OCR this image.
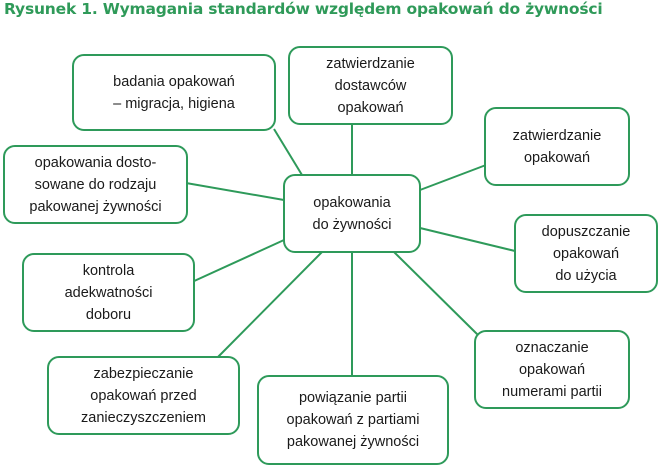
Rysunek 1. Wymagania standardów względem opakowań do żywności
opakowania
do żywności
badania opakowań
– migracja, higiena
zatwierdzanie
dostawców
opakowań
zatwierdzanie
opakowań
opakowania dosto-
sowane do rodzaju
pakowanej żywności
dopuszczanie
opakowań
do użycia
kontrola
adekwatności
doboru
oznaczanie
opakowań
numerami partii
zabezpieczanie
opakowań przed
zanieczyszczeniem
powiązanie partii
opakowań z partiami
pakowanej żywności
